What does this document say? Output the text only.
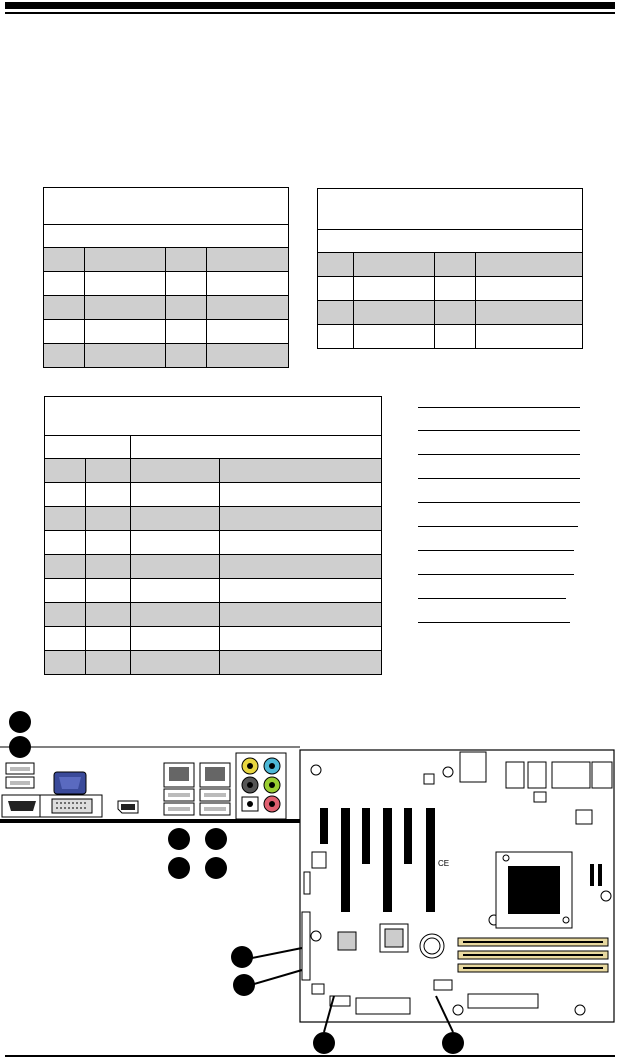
CE
